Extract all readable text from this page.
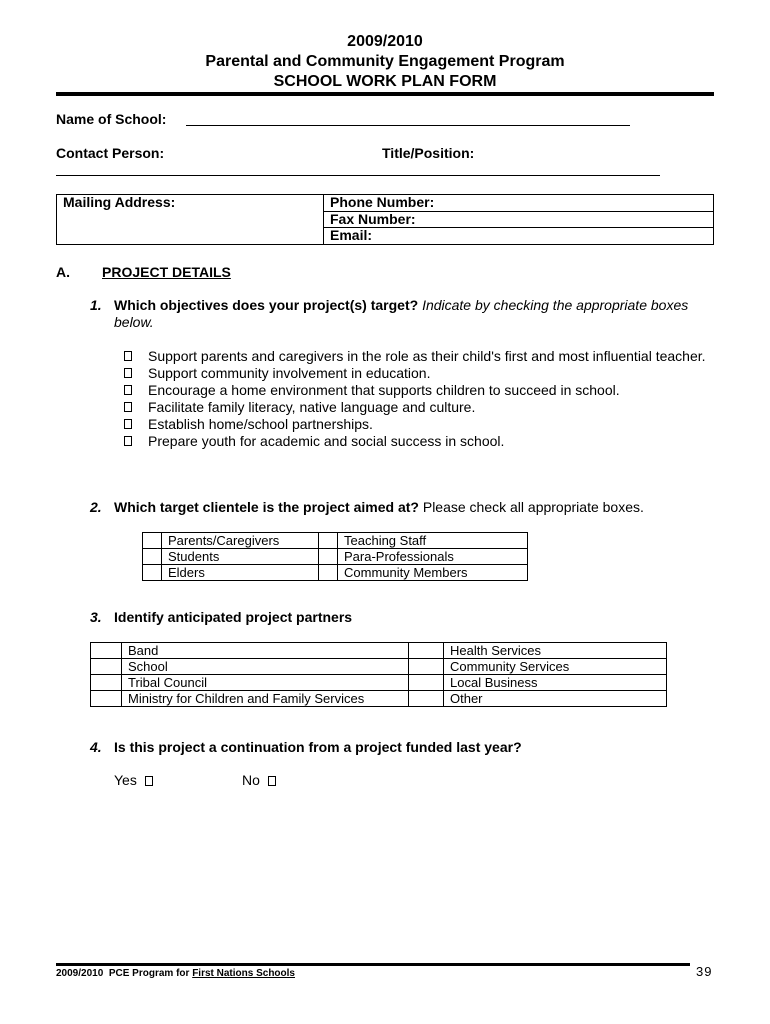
2009/2010
Parental and Community Engagement Program
SCHOOL WORK PLAN FORM
Name of School:
Contact Person:	Title/Position:
Mailing Address:	Phone Number:
Fax Number:
Email:
A. PROJECT DETAILS
1. Which objectives does your project(s) target? Indicate by checking the appropriate boxes below.
Support parents and caregivers in the role as their child's first and most influential teacher.
Support community involvement in education.
Encourage a home environment that supports children to succeed in school.
Facilitate family literacy, native language and culture.
Establish home/school partnerships.
Prepare youth for academic and social success in school.
2. Which target clientele is the project aimed at? Please check all appropriate boxes.
	Parents/Caregivers		Teaching Staff
	Students		Para-Professionals
	Elders		Community Members
3. Identify anticipated project partners
	Band		Health Services
	School		Community Services
	Tribal Council		Local Business
	Ministry for Children and Family Services		Other
4. Is this project a continuation from a project funded last year?
Yes	No
2009/2010  PCE Program for First Nations Schools	39
